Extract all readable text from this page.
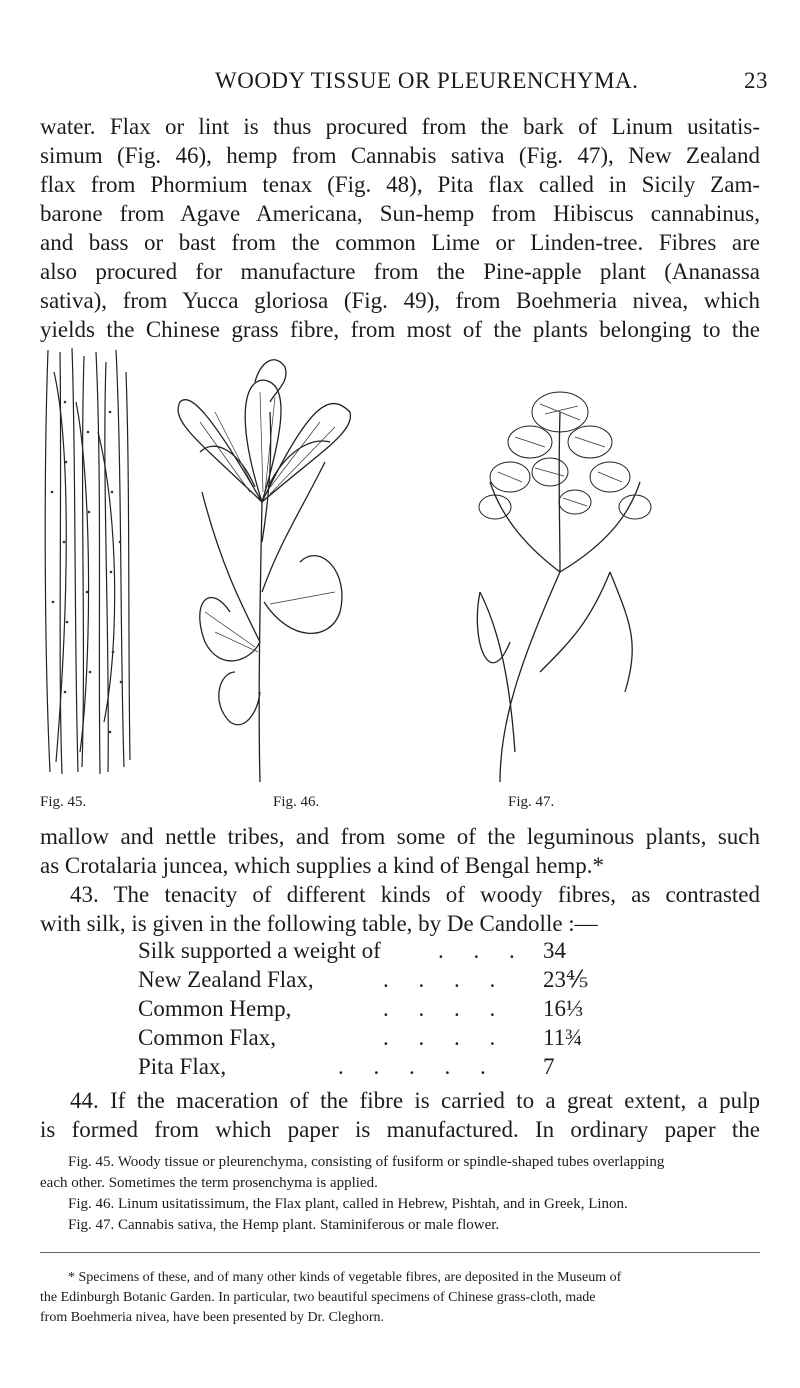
WOODY TISSUE OR PLEURENCHYMA.	23
water. Flax or lint is thus procured from the bark of Linum usitatis-
simum (Fig. 46), hemp from Cannabis sativa (Fig. 47), New Zealand
flax from Phormium tenax (Fig. 48), Pita flax called in Sicily Zam-
barone from Agave Americana, Sun-hemp from Hibiscus cannabinus,
and bass or bast from the common Lime or Linden-tree. Fibres are
also procured for manufacture from the Pine-apple plant (Ananassa
sativa), from Yucca gloriosa (Fig. 49), from Boehmeria nivea, which
yields the Chinese grass fibre, from most of the plants belonging to the
Fig. 45.	Fig. 46.	Fig. 47.
mallow and nettle tribes, and from some of the leguminous plants, such
as Crotalaria juncea, which supplies a kind of Bengal hemp.*
43. The tenacity of different kinds of woody fibres, as contrasted
with silk, is given in the following table, by De Candolle :—
Silk supported a weight of . . . 34
New Zealand Flax,	. . . . 23⅘
Common Hemp,	. . . . 16⅓
Common Flax,	. . . . 11¾
Pita Flax,	. . . . . 7
44. If the maceration of the fibre is carried to a great extent, a pulp
is formed from which paper is manufactured. In ordinary paper the
Fig. 45. Woody tissue or pleurenchyma, consisting of fusiform or spindle-shaped tubes overlapping
each other. Sometimes the term prosenchyma is applied.
Fig. 46. Linum usitatissimum, the Flax plant, called in Hebrew, Pishtah, and in Greek, Linon.
Fig. 47. Cannabis sativa, the Hemp plant. Staminiferous or male flower.
* Specimens of these, and of many other kinds of vegetable fibres, are deposited in the Museum of
the Edinburgh Botanic Garden. In particular, two beautiful specimens of Chinese grass-cloth, made
from Boehmeria nivea, have been presented by Dr. Cleghorn.
